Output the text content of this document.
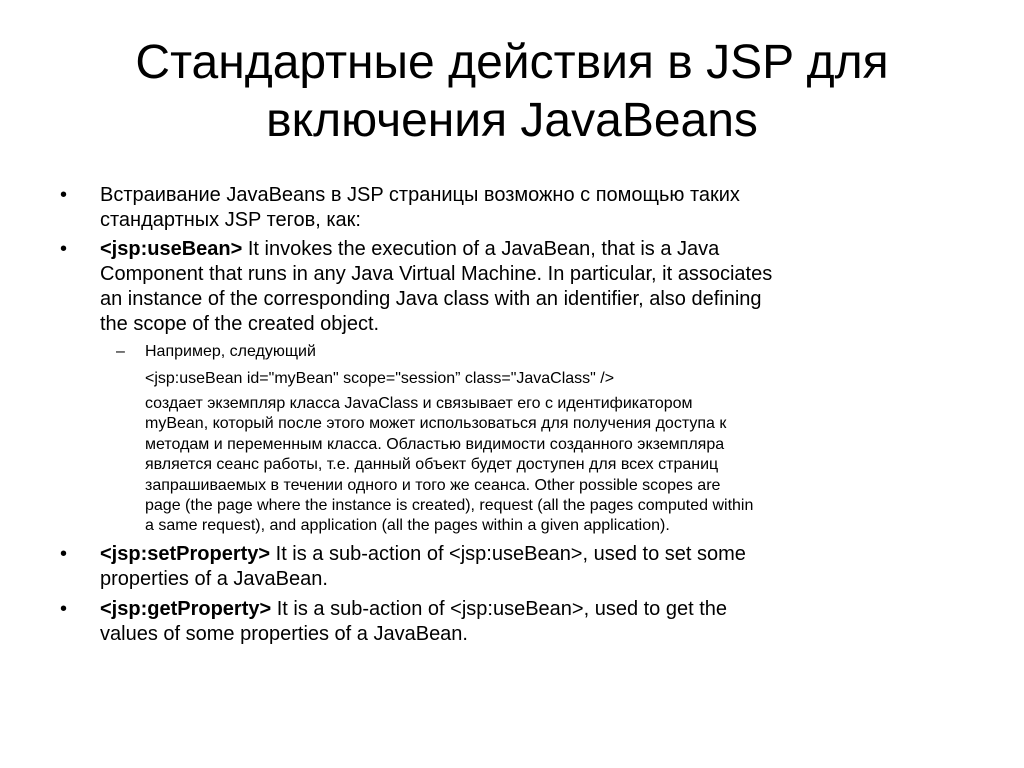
Стандартные действия в JSP для
включения JavaBeans
• Встраивание JavaBeans в JSP страницы возможно с помощью таких
стандартных JSP тегов, как:
• <jsp:useBean> It invokes the execution of a JavaBean, that is a Java
Component that runs in any Java Virtual Machine. In particular, it associates
an instance of the corresponding Java class with an identifier, also defining
the scope of the created object.
– Например, следующий
<jsp:useBean id="myBean" scope="session” class="JavaClass" />
создает экземпляр класса JavaClass и связывает его с идентификатором
myBean, который после этого может использоваться для получения доступа к
методам и переменным класса. Областью видимости созданного экземпляра
является сеанс работы, т.е. данный объект будет доступен для всех страниц
запрашиваемых в течении одного и того же сеанса. Other possible scopes are
page (the page where the instance is created), request (all the pages computed within
a same request), and application (all the pages within a given application).
• <jsp:setProperty> It is a sub-action of <jsp:useBean>, used to set some
properties of a JavaBean.
• <jsp:getProperty> It is a sub-action of <jsp:useBean>, used to get the
values of some properties of a JavaBean.
